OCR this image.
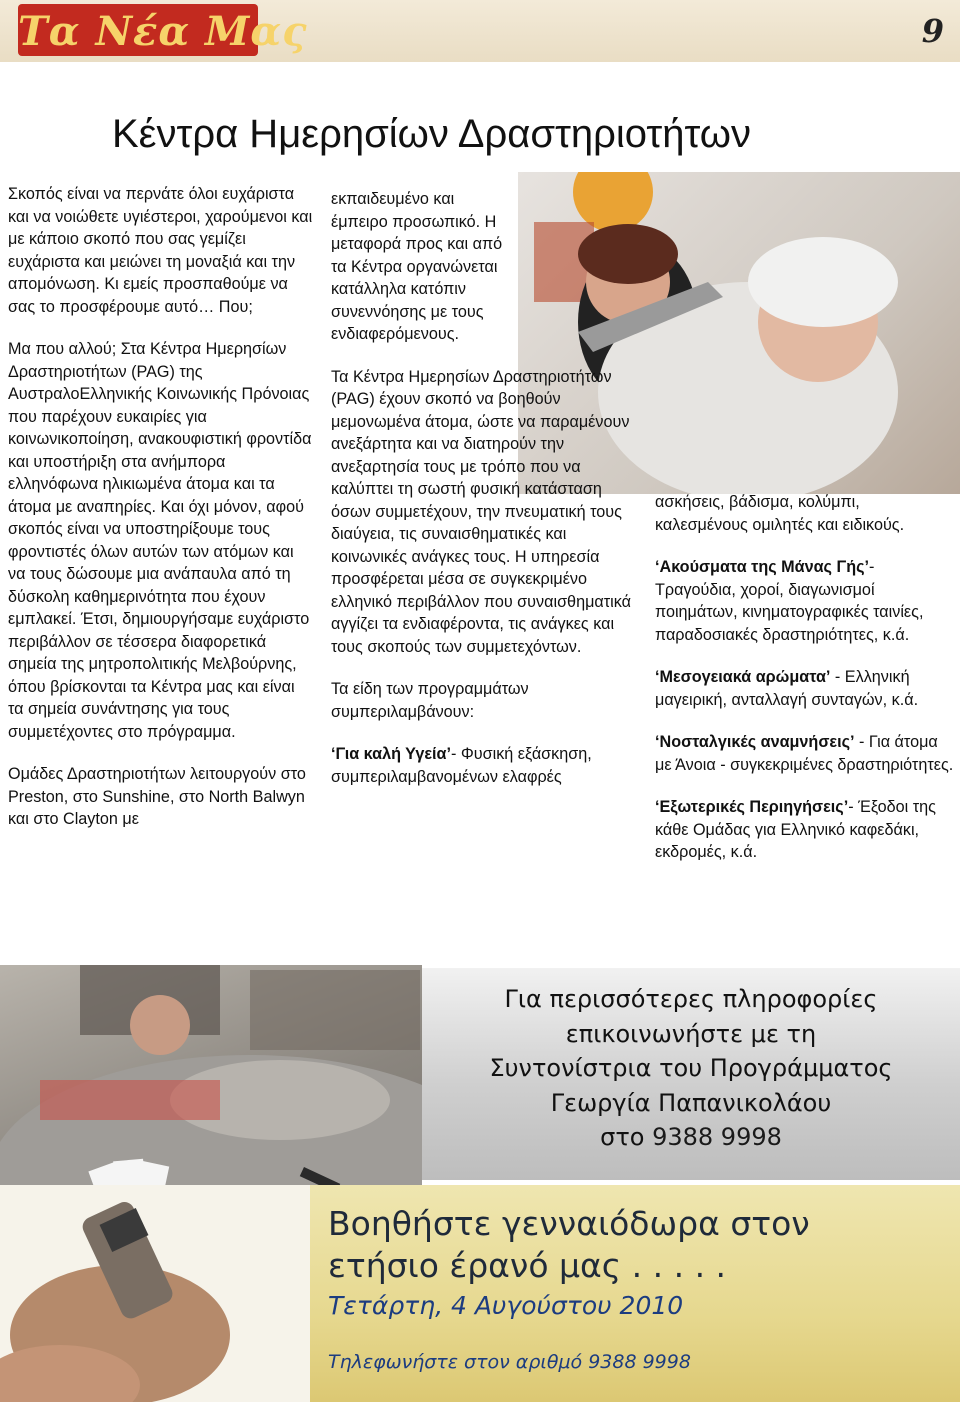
Τα Νέα Μας	9
Κέντρα Ημερησίων Δραστηριοτήτων

Σκοπός είναι να περνάτε όλοι ευχάριστα και να νοιώθετε υγιέστεροι, χαρούμενοι και με κάποιο σκοπό που σας γεμίζει ευχάριστα και μειώνει τη μοναξιά και την απομόνωση. Κι εμείς προσπαθούμε να σας το προσφέρουμε αυτό… Που;

Μα που αλλού; Στα Κέντρα Ημερησίων Δραστηριοτήτων (PAG) της ΑυστραλοΕλληνικής Κοινωνικής Πρόνοιας που παρέχουν ευκαιρίες για κοινωνικοποίηση, ανακουφιστική φροντίδα και υποστήριξη στα ανήμπορα ελληνόφωνα ηλικιωμένα άτομα και τα άτομα με αναπηρίες. Και όχι μόνον, αφού σκοπός είναι να υποστηρίξουμε τους φροντιστές όλων αυτών των ατόμων και να τους δώσουμε μια ανάπαυλα από τη δύσκολη καθημερινότητα που έχουν εμπλακεί. Έτσι, δημιουργήσαμε ευχάριστο περιβάλλον σε τέσσερα διαφορετικά σημεία της μητροπολιτικής Μελβούρνης, όπου βρίσκονται τα Κέντρα μας και είναι τα σημεία συνάντησης για τους συμμετέχοντες στο πρόγραμμα.

Ομάδες Δραστηριοτήτων λειτουργούν στο Preston, στο Sunshine, στο North Balwyn και στο Clayton με

εκπαιδευμένο και έμπειρο προσωπικό. Η μεταφορά προς και από τα Κέντρα οργανώνεται κατάλληλα κατόπιν συνεννόησης με τους ενδιαφερόμενους.

Τα Κέντρα Ημερησίων Δραστηριοτήτων (PAG) έχουν σκοπό να βοηθούν μεμονωμένα άτομα, ώστε να παραμένουν ανεξάρτητα και να διατηρούν την ανεξαρτησία τους με τρόπο που να καλύπτει τη σωστή φυσική κατάσταση όσων συμμετέχουν, την πνευματική τους διαύγεια, τις συναισθηματικές και κοινωνικές ανάγκες τους. Η υπηρεσία προσφέρεται μέσα σε συγκεκριμένο ελληνικό περιβάλλον που συναισθηματικά αγγίζει τα ενδιαφέροντα, τις ανάγκες και τους σκοπούς των συμμετεχόντων.

Τα είδη των προγραμμάτων συμπεριλαμβάνουν:

‘Για καλή Υγεία’- Φυσική εξάσκηση, συμπεριλαμβανομένων ελαφρές

ασκήσεις, βάδισμα, κολύμπι, καλεσμένους ομιλητές και ειδικούς.

‘Ακούσματα της Μάνας Γής’- Τραγούδια, χοροί, διαγωνισμοί ποιημάτων, κινηματογραφικές ταινίες, παραδοσιακές δραστηριότητες, κ.ά.

‘Μεσογειακά αρώματα’ - Ελληνική μαγειρική, ανταλλαγή συνταγών, κ.ά.

‘Νοσταλγικές αναμνήσεις’ - Για άτομα με Άνοια - συγκεκριμένες δραστηριότητες.

‘Εξωτερικές Περιηγήσεις’- Έξοδοι της κάθε Ομάδας για Ελληνικό καφεδάκι, εκδρομές, κ.ά.

Για περισσότερες πληροφορίες
επικοινωνήστε με τη
Συντονίστρια του Προγράμματος
Γεωργία Παπανικολάου
στο 9388 9998
Βοηθήστε γενναιόδωρα στον
ετήσιο έρανό μας . . . . .
Τετάρτη, 4 Αυγούστου 2010
Τηλεφωνήστε στον αριθμό 9388 9998
